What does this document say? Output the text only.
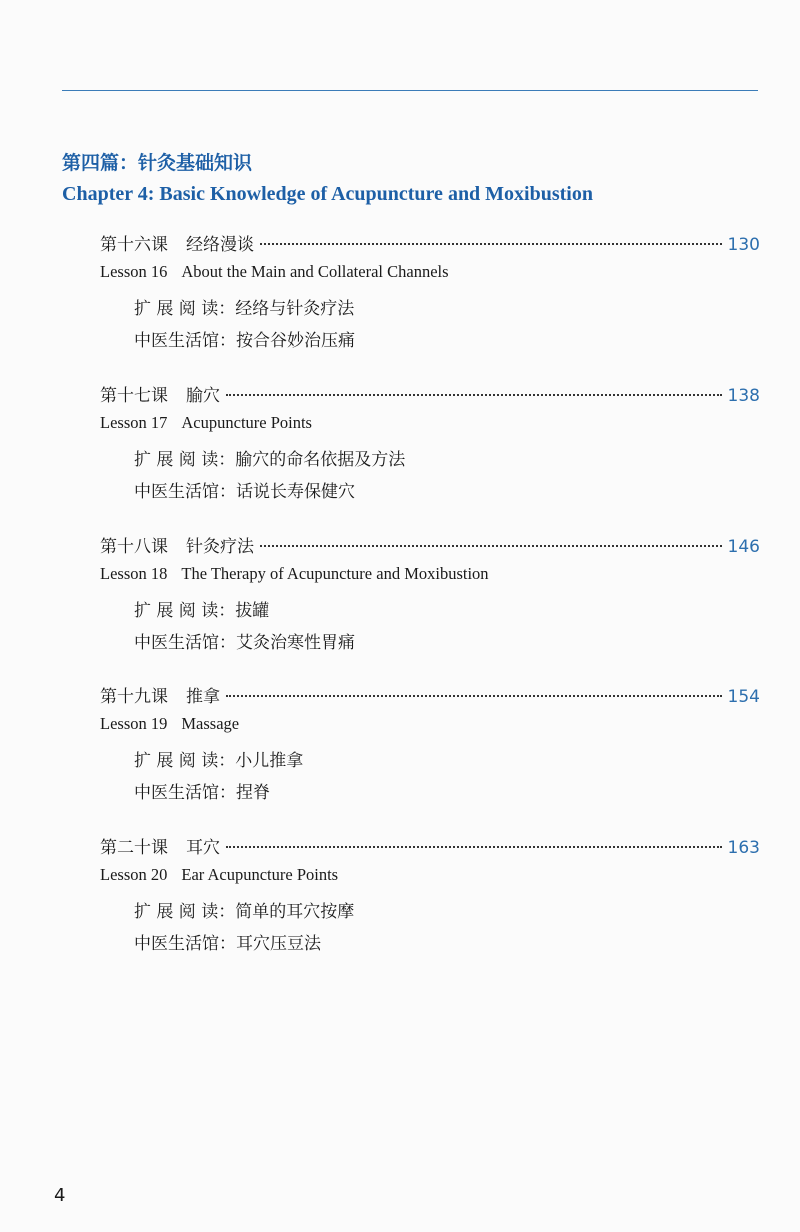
第四篇：针灸基础知识
Chapter 4: Basic Knowledge of Acupuncture and Moxibustion
第十六课 经络漫谈	130
Lesson 16 About the Main and Collateral Channels
扩 展 阅 读：经络与针灸疗法
中医生活馆：按合谷妙治压痛
第十七课 腧穴	138
Lesson 17 Acupuncture Points
扩 展 阅 读：腧穴的命名依据及方法
中医生活馆：话说长寿保健穴
第十八课 针灸疗法	146
Lesson 18 The Therapy of Acupuncture and Moxibustion
扩 展 阅 读：拔罐
中医生活馆：艾灸治寒性胃痛
第十九课 推拿	154
Lesson 19 Massage
扩 展 阅 读：小儿推拿
中医生活馆：捏脊
第二十课 耳穴	163
Lesson 20 Ear Acupuncture Points
扩 展 阅 读：简单的耳穴按摩
中医生活馆：耳穴压豆法
4
